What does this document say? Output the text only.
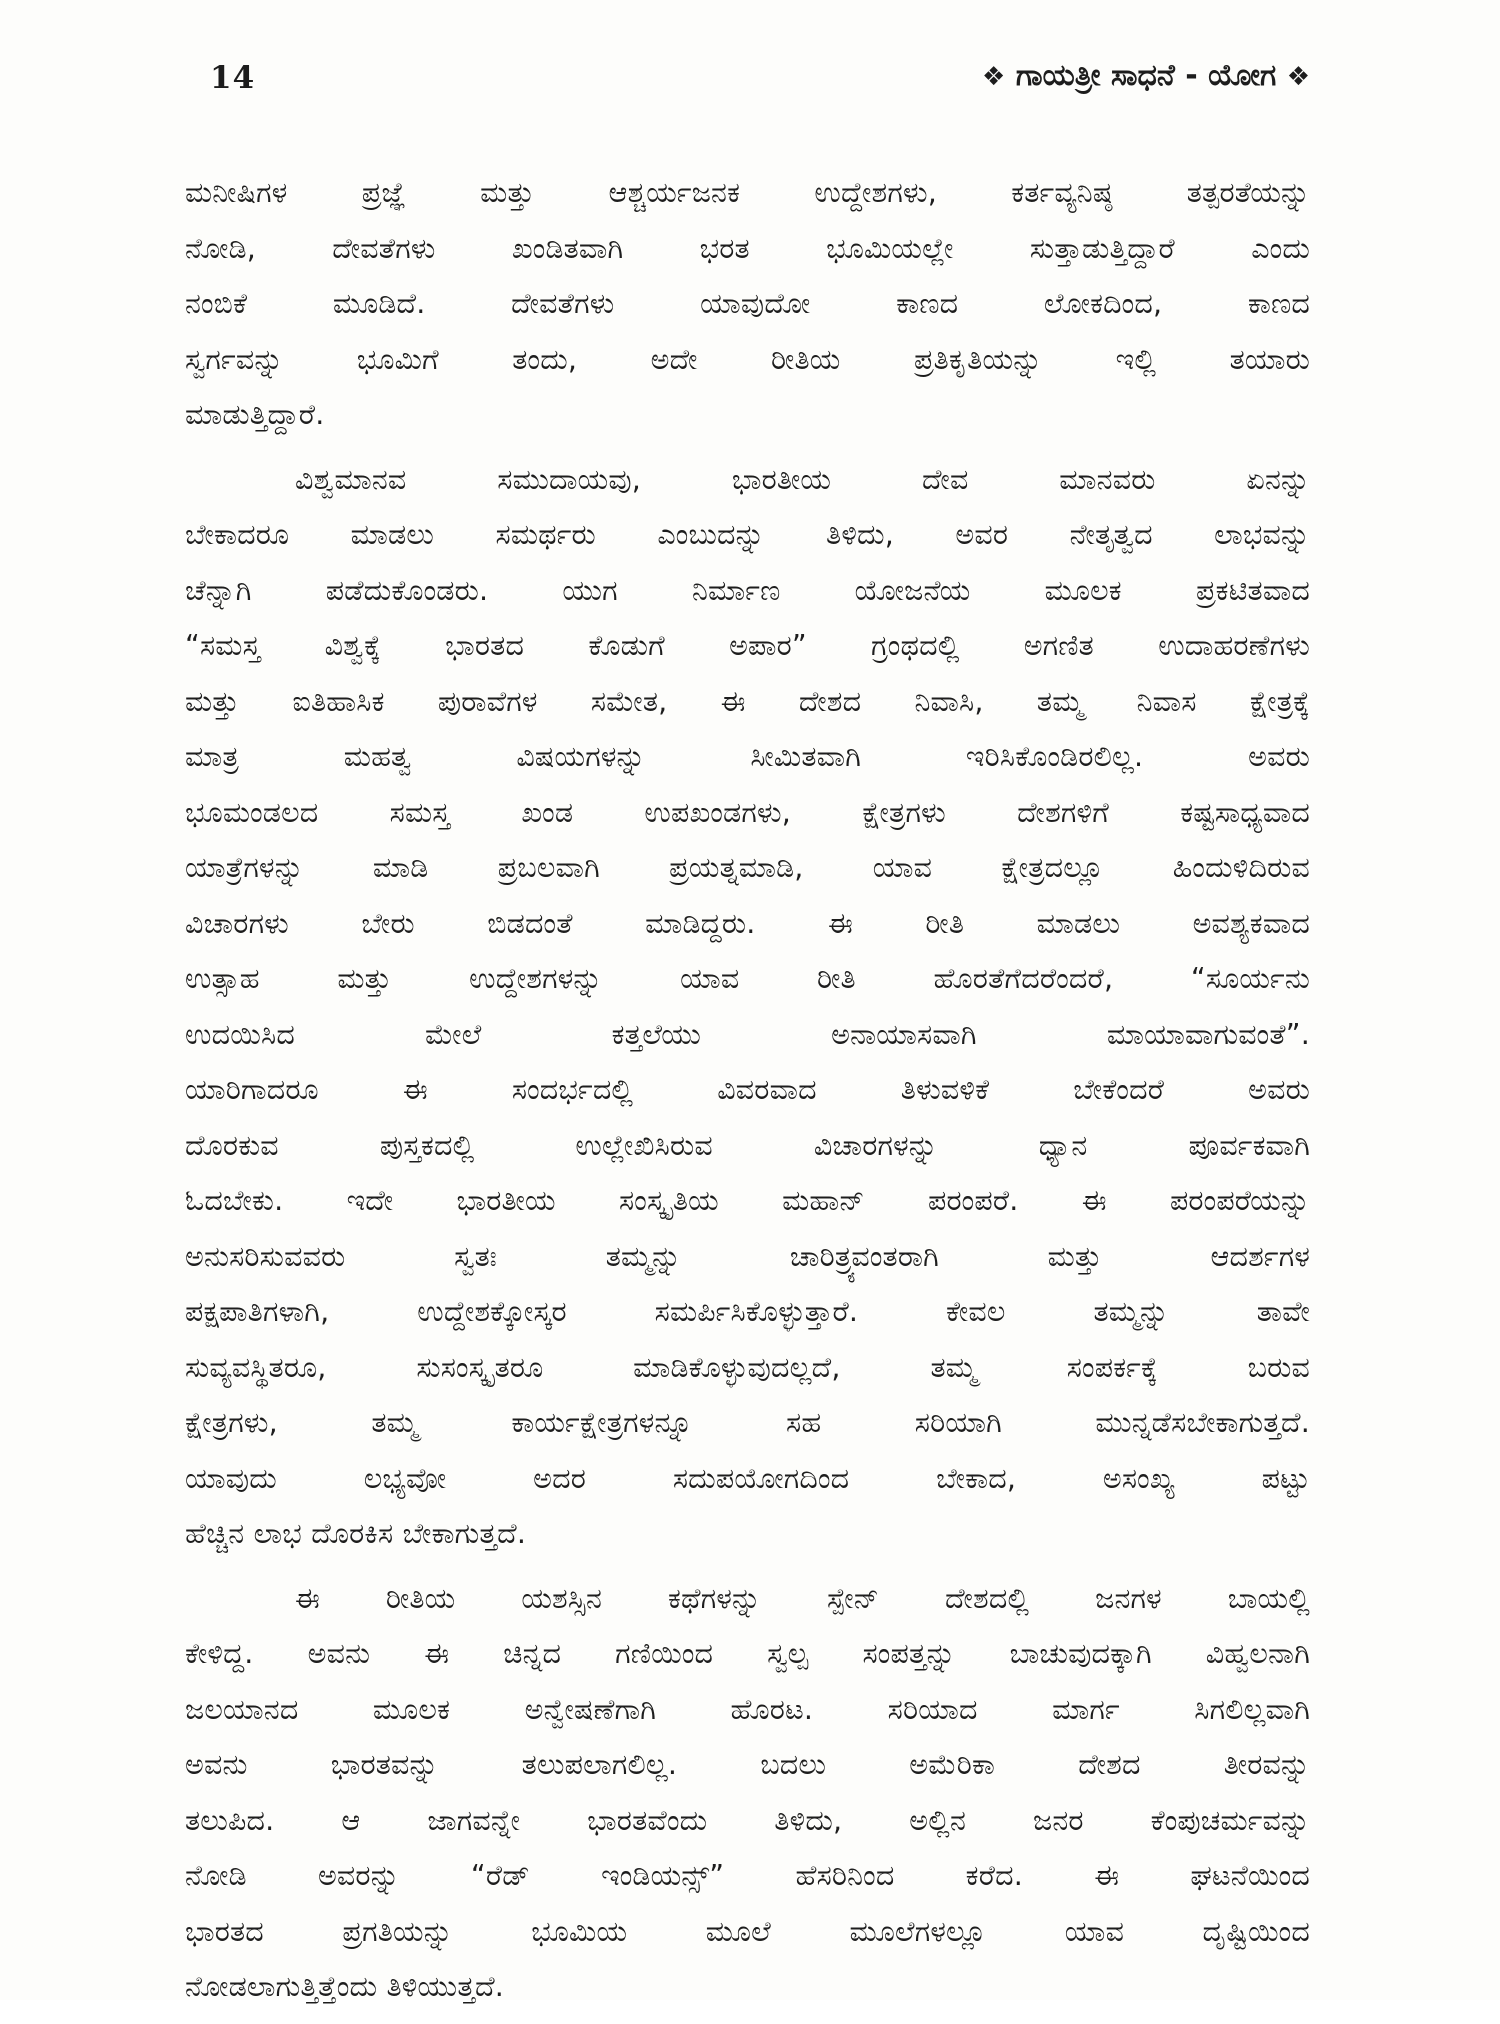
14	❖ ಗಾಯತ್ರೀ ಸಾಧನೆ - ಯೋಗ ❖
ಮನೀಷಿಗಳ ಪ್ರಜ್ಞೆ ಮತ್ತು ಆಶ್ಚರ್ಯಜನಕ ಉದ್ದೇಶಗಳು, ಕರ್ತವ್ಯನಿಷ್ಠ ತತ್ಪರತೆಯನ್ನು
ನೋಡಿ, ದೇವತೆಗಳು ಖಂಡಿತವಾಗಿ ಭರತ ಭೂಮಿಯಲ್ಲೇ ಸುತ್ತಾಡುತ್ತಿದ್ದಾರೆ ಎಂದು
ನಂಬಿಕೆ ಮೂಡಿದೆ. ದೇವತೆಗಳು ಯಾವುದೋ ಕಾಣದ ಲೋಕದಿಂದ, ಕಾಣದ
ಸ್ವರ್ಗವನ್ನು ಭೂಮಿಗೆ ತಂದು, ಅದೇ ರೀತಿಯ ಪ್ರತಿಕೃತಿಯನ್ನು ಇಲ್ಲಿ ತಯಾರು
ಮಾಡುತ್ತಿದ್ದಾರೆ.
ವಿಶ್ವಮಾನವ ಸಮುದಾಯವು, ಭಾರತೀಯ ದೇವ ಮಾನವರು ಏನನ್ನು
ಬೇಕಾದರೂ ಮಾಡಲು ಸಮರ್ಥರು ಎಂಬುದನ್ನು ತಿಳಿದು, ಅವರ ನೇತೃತ್ವದ ಲಾಭವನ್ನು
ಚೆನ್ನಾಗಿ ಪಡೆದುಕೊಂಡರು. ಯುಗ ನಿರ್ಮಾಣ ಯೋಜನೆಯ ಮೂಲಕ ಪ್ರಕಟಿತವಾದ
“ಸಮಸ್ತ ವಿಶ್ವಕ್ಕೆ ಭಾರತದ ಕೊಡುಗೆ ಅಪಾರ” ಗ್ರಂಥದಲ್ಲಿ ಅಗಣಿತ ಉದಾಹರಣೆಗಳು
ಮತ್ತು ಐತಿಹಾಸಿಕ ಪುರಾವೆಗಳ ಸಮೇತ, ಈ ದೇಶದ ನಿವಾಸಿ, ತಮ್ಮ ನಿವಾಸ ಕ್ಷೇತ್ರಕ್ಕೆ
ಮಾತ್ರ ಮಹತ್ವ ವಿಷಯಗಳನ್ನು ಸೀಮಿತವಾಗಿ ಇರಿಸಿಕೊಂಡಿರಲಿಲ್ಲ. ಅವರು
ಭೂಮಂಡಲದ ಸಮಸ್ತ ಖಂಡ ಉಪಖಂಡಗಳು, ಕ್ಷೇತ್ರಗಳು ದೇಶಗಳಿಗೆ ಕಷ್ಟಸಾಧ್ಯವಾದ
ಯಾತ್ರೆಗಳನ್ನು ಮಾಡಿ ಪ್ರಬಲವಾಗಿ ಪ್ರಯತ್ನಮಾಡಿ, ಯಾವ ಕ್ಷೇತ್ರದಲ್ಲೂ ಹಿಂದುಳಿದಿರುವ
ವಿಚಾರಗಳು ಬೇರು ಬಿಡದಂತೆ ಮಾಡಿದ್ದರು. ಈ ರೀತಿ ಮಾಡಲು ಅವಶ್ಯಕವಾದ
ಉತ್ಸಾಹ ಮತ್ತು ಉದ್ದೇಶಗಳನ್ನು ಯಾವ ರೀತಿ ಹೊರತೆಗೆದರೆಂದರೆ, “ಸೂರ್ಯನು
ಉದಯಿಸಿದ ಮೇಲೆ ಕತ್ತಲೆಯು ಅನಾಯಾಸವಾಗಿ ಮಾಯಾವಾಗುವಂತೆ”.
ಯಾರಿಗಾದರೂ ಈ ಸಂದರ್ಭದಲ್ಲಿ ವಿವರವಾದ ತಿಳುವಳಿಕೆ ಬೇಕೆಂದರೆ ಅವರು
ದೊರಕುವ ಪುಸ್ತಕದಲ್ಲಿ ಉಲ್ಲೇಖಿಸಿರುವ ವಿಚಾರಗಳನ್ನು ಧ್ಯಾನ ಪೂರ್ವಕವಾಗಿ
ಓದಬೇಕು. ಇದೇ ಭಾರತೀಯ ಸಂಸ್ಕೃತಿಯ ಮಹಾನ್ ಪರಂಪರೆ. ಈ ಪರಂಪರೆಯನ್ನು
ಅನುಸರಿಸುವವರು ಸ್ವತಃ ತಮ್ಮನ್ನು ಚಾರಿತ್ರ್ಯವಂತರಾಗಿ ಮತ್ತು ಆದರ್ಶಗಳ
ಪಕ್ಷಪಾತಿಗಳಾಗಿ, ಉದ್ದೇಶಕ್ಕೋಸ್ಕರ ಸಮರ್ಪಿಸಿಕೊಳ್ಳುತ್ತಾರೆ. ಕೇವಲ ತಮ್ಮನ್ನು ತಾವೇ
ಸುವ್ಯವಸ್ಥಿತರೂ, ಸುಸಂಸ್ಕೃತರೂ ಮಾಡಿಕೊಳ್ಳುವುದಲ್ಲದೆ, ತಮ್ಮ ಸಂಪರ್ಕಕ್ಕೆ ಬರುವ
ಕ್ಷೇತ್ರಗಳು, ತಮ್ಮ ಕಾರ್ಯಕ್ಷೇತ್ರಗಳನ್ನೂ ಸಹ ಸರಿಯಾಗಿ ಮುನ್ನಡೆಸಬೇಕಾಗುತ್ತದೆ.
ಯಾವುದು ಲಭ್ಯವೋ ಅದರ ಸದುಪಯೋಗದಿಂದ ಬೇಕಾದ, ಅಸಂಖ್ಯ ಪಟ್ಟು
ಹೆಚ್ಚಿನ ಲಾಭ ದೊರಕಿಸ ಬೇಕಾಗುತ್ತದೆ.
ಈ ರೀತಿಯ ಯಶಸ್ಸಿನ ಕಥೆಗಳನ್ನು ಸ್ಪೇನ್ ದೇಶದಲ್ಲಿ ಜನಗಳ ಬಾಯಲ್ಲಿ
ಕೇಳಿದ್ದ. ಅವನು ಈ ಚಿನ್ನದ ಗಣಿಯಿಂದ ಸ್ವಲ್ಪ ಸಂಪತ್ತನ್ನು ಬಾಚುವುದಕ್ಕಾಗಿ ವಿಹ್ವಲನಾಗಿ
ಜಲಯಾನದ ಮೂಲಕ ಅನ್ವೇಷಣೆಗಾಗಿ ಹೊರಟ. ಸರಿಯಾದ ಮಾರ್ಗ ಸಿಗಲಿಲ್ಲವಾಗಿ
ಅವನು ಭಾರತವನ್ನು ತಲುಪಲಾಗಲಿಲ್ಲ. ಬದಲು ಅಮೆರಿಕಾ ದೇಶದ ತೀರವನ್ನು
ತಲುಪಿದ. ಆ ಜಾಗವನ್ನೇ ಭಾರತವೆಂದು ತಿಳಿದು, ಅಲ್ಲಿನ ಜನರ ಕೆಂಪುಚರ್ಮವನ್ನು
ನೋಡಿ ಅವರನ್ನು “ರೆಡ್ ಇಂಡಿಯನ್ಸ್” ಹೆಸರಿನಿಂದ ಕರೆದ. ಈ ಘಟನೆಯಿಂದ
ಭಾರತದ ಪ್ರಗತಿಯನ್ನು ಭೂಮಿಯ ಮೂಲೆ ಮೂಲೆಗಳಲ್ಲೂ ಯಾವ ದೃಷ್ಟಿಯಿಂದ
ನೋಡಲಾಗುತ್ತಿತ್ತೆಂದು ತಿಳಿಯುತ್ತದೆ.
